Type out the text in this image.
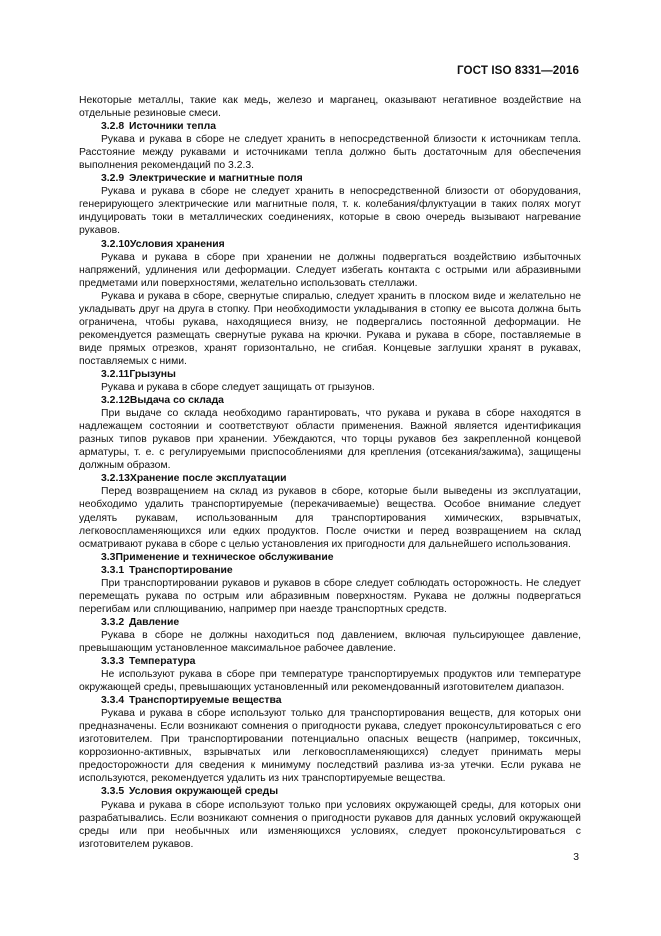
ГОСТ ISO 8331—2016

Некоторые металлы, такие как медь, железо и марганец, оказывают негативное воздействие на отдельные резиновые смеси.

3.2.8 Источники тепла

Рукава и рукава в сборе не следует хранить в непосредственной близости к источникам тепла. Расстояние между рукавами и источниками тепла должно быть достаточным для обеспечения выполнения рекомендаций по 3.2.3.

3.2.9 Электрические и магнитные поля

Рукава и рукава в сборе не следует хранить в непосредственной близости от оборудования, генерирующего электрические или магнитные поля, т. к. колебания/флуктуации в таких полях могут индуцировать токи в металлических соединениях, которые в свою очередь вызывают нагревание рукавов.

3.2.10Условия хранения

Рукава и рукава в сборе при хранении не должны подвергаться воздействию избыточных напряжений, удлинения или деформации. Следует избегать контакта с острыми или абразивными предметами или поверхностями, желательно использовать стеллажи.

Рукава и рукава в сборе, свернутые спиралью, следует хранить в плоском виде и желательно не укладывать друг на друга в стопку. При необходимости укладывания в стопку ее высота должна быть ограничена, чтобы рукава, находящиеся внизу, не подвергались постоянной деформации. Не рекомендуется размещать свернутые рукава на крючки. Рукава и рукава в сборе, поставляемые в виде прямых отрезков, хранят горизонтально, не сгибая. Концевые заглушки хранят в рукавах, поставляемых с ними.

3.2.11Грызуны

Рукава и рукава в сборе следует защищать от грызунов.

3.2.12Выдача со склада

При выдаче со склада необходимо гарантировать, что рукава и рукава в сборе находятся в надлежащем состоянии и соответствуют области применения. Важной является идентификация разных типов рукавов при хранении. Убеждаются, что торцы рукавов без закрепленной концевой арматуры, т. е. с регулируемыми приспособлениями для крепления (отсекания/зажима), защищены должным образом.

3.2.13Хранение после эксплуатации

Перед возвращением на склад из рукавов в сборе, которые были выведены из эксплуатации, необходимо удалить транспортируемые (перекачиваемые) вещества. Особое внимание следует уделять рукавам, использованным для транспортирования химических, взрывчатых, легковоспламеняющихся или едких продуктов. После очистки и перед возвращением на склад осматривают рукава в сборе с целью установления их пригодности для дальнейшего использования.

3.3Применение и техническое обслуживание

3.3.1 Транспортирование

При транспортировании рукавов и рукавов в сборе следует соблюдать осторожность. Не следует перемещать рукава по острым или абразивным поверхностям. Рукава не должны подвергаться перегибам или сплющиванию, например при наезде транспортных средств.

3.3.2 Давление

Рукава в сборе не должны находиться под давлением, включая пульсирующее давление, превышающим установленное максимальное рабочее давление.

3.3.3 Температура

Не используют рукава в сборе при температуре транспортируемых продуктов или температуре окружающей среды, превышающих установленный или рекомендованный изготовителем диапазон.

3.3.4 Транспортируемые вещества

Рукава и рукава в сборе используют только для транспортирования веществ, для которых они предназначены. Если возникают сомнения о пригодности рукава, следует проконсультироваться с его изготовителем. При транспортировании потенциально опасных веществ (например, токсичных, коррозионно-активных, взрывчатых или легковоспламеняющихся) следует принимать меры предосторожности для сведения к минимуму последствий разлива из-за утечки. Если рукава не используются, рекомендуется удалить из них транспортируемые вещества.

3.3.5 Условия окружающей среды

Рукава и рукава в сборе используют только при условиях окружающей среды, для которых они разрабатывались. Если возникают сомнения о пригодности рукавов для данных условий окружающей среды или при необычных или изменяющихся условиях, следует проконсультироваться с изготовителем рукавов.

3
